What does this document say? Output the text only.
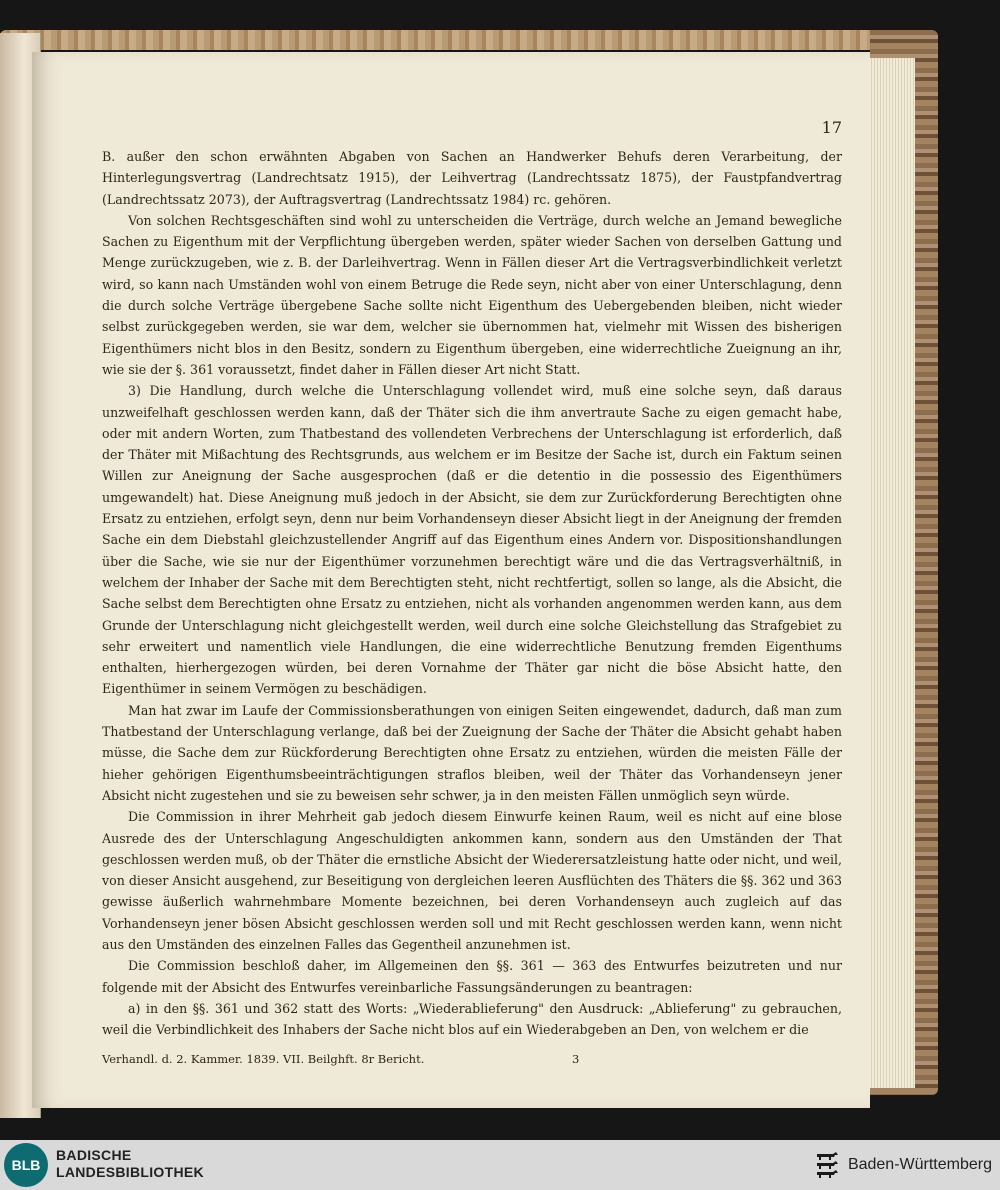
17

B. außer den schon erwähnten Abgaben von Sachen an Handwerker Behufs deren Verarbeitung, der Hinterlegungsvertrag (Landrechtsatz 1915), der Leihvertrag (Landrechtssatz 1875), der Faustpfandvertrag (Landrechtssatz 2073), der Auftragsvertrag (Landrechtssatz 1984) rc. gehören.

Von solchen Rechtsgeschäften sind wohl zu unterscheiden die Verträge, durch welche an Jemand bewegliche Sachen zu Eigenthum mit der Verpflichtung übergeben werden, später wieder Sachen von derselben Gattung und Menge zurückzugeben, wie z. B. der Darleihvertrag. Wenn in Fällen dieser Art die Vertragsverbindlichkeit verletzt wird, so kann nach Umständen wohl von einem Betruge die Rede seyn, nicht aber von einer Unterschlagung, denn die durch solche Verträge übergebene Sache sollte nicht Eigenthum des Uebergebenden bleiben, nicht wieder selbst zurückgegeben werden, sie war dem, welcher sie übernommen hat, vielmehr mit Wissen des bisherigen Eigenthümers nicht blos in den Besitz, sondern zu Eigenthum übergeben, eine widerrechtliche Zueignung an ihr, wie sie der §. 361 voraussetzt, findet daher in Fällen dieser Art nicht Statt.

3) Die Handlung, durch welche die Unterschlagung vollendet wird, muß eine solche seyn, daß daraus unzweifelhaft geschlossen werden kann, daß der Thäter sich die ihm anvertraute Sache zu eigen gemacht habe, oder mit andern Worten, zum Thatbestand des vollendeten Verbrechens der Unterschlagung ist erforderlich, daß der Thäter mit Mißachtung des Rechtsgrunds, aus welchem er im Besitze der Sache ist, durch ein Faktum seinen Willen zur Aneignung der Sache ausgesprochen (daß er die detentio in die possessio des Eigenthümers umgewandelt) hat. Diese Aneignung muß jedoch in der Absicht, sie dem zur Zurückforderung Berechtigten ohne Ersatz zu entziehen, erfolgt seyn, denn nur beim Vorhandenseyn dieser Absicht liegt in der Aneignung der fremden Sache ein dem Diebstahl gleichzustellender Angriff auf das Eigenthum eines Andern vor. Dispositionshandlungen über die Sache, wie sie nur der Eigenthümer vorzunehmen berechtigt wäre und die das Vertragsverhältniß, in welchem der Inhaber der Sache mit dem Berechtigten steht, nicht rechtfertigt, sollen so lange, als die Absicht, die Sache selbst dem Berechtigten ohne Ersatz zu entziehen, nicht als vorhanden angenommen werden kann, aus dem Grunde der Unterschlagung nicht gleichgestellt werden, weil durch eine solche Gleichstellung das Strafgebiet zu sehr erweitert und namentlich viele Handlungen, die eine widerrechtliche Benutzung fremden Eigenthums enthalten, hierhergezogen würden, bei deren Vornahme der Thäter gar nicht die böse Absicht hatte, den Eigenthümer in seinem Vermögen zu beschädigen.

Man hat zwar im Laufe der Commissionsberathungen von einigen Seiten eingewendet, dadurch, daß man zum Thatbestand der Unterschlagung verlange, daß bei der Zueignung der Sache der Thäter die Absicht gehabt haben müsse, die Sache dem zur Rückforderung Berechtigten ohne Ersatz zu entziehen, würden die meisten Fälle der hieher gehörigen Eigenthumsbeeinträchtigungen straflos bleiben, weil der Thäter das Vorhandenseyn jener Absicht nicht zugestehen und sie zu beweisen sehr schwer, ja in den meisten Fällen unmöglich seyn würde.

Die Commission in ihrer Mehrheit gab jedoch diesem Einwurfe keinen Raum, weil es nicht auf eine blose Ausrede des der Unterschlagung Angeschuldigten ankommen kann, sondern aus den Umständen der That geschlossen werden muß, ob der Thäter die ernstliche Absicht der Wiederersatzleistung hatte oder nicht, und weil, von dieser Ansicht ausgehend, zur Beseitigung von dergleichen leeren Ausflüchten des Thäters die §§. 362 und 363 gewisse äußerlich wahrnehmbare Momente bezeichnen, bei deren Vorhandenseyn auch zugleich auf das Vorhandenseyn jener bösen Absicht geschlossen werden soll und mit Recht geschlossen werden kann, wenn nicht aus den Umständen des einzelnen Falles das Gegentheil anzunehmen ist.

Die Commission beschloß daher, im Allgemeinen den §§. 361 — 363 des Entwurfes beizutreten und nur folgende mit der Absicht des Entwurfes vereinbarliche Fassungsänderungen zu beantragen:

a) in den §§. 361 und 362 statt des Worts: „Wiederablieferung" den Ausdruck: „Ablieferung" zu gebrauchen, weil die Verbindlichkeit des Inhabers der Sache nicht blos auf ein Wiederabgeben an Den, von welchem er die

Verhandl. d. 2. Kammer. 1839. VII. Beilghft. 8r Bericht.	3
BLB
BADISCHE
LANDESBIBLIOTHEK	Baden-Württemberg
